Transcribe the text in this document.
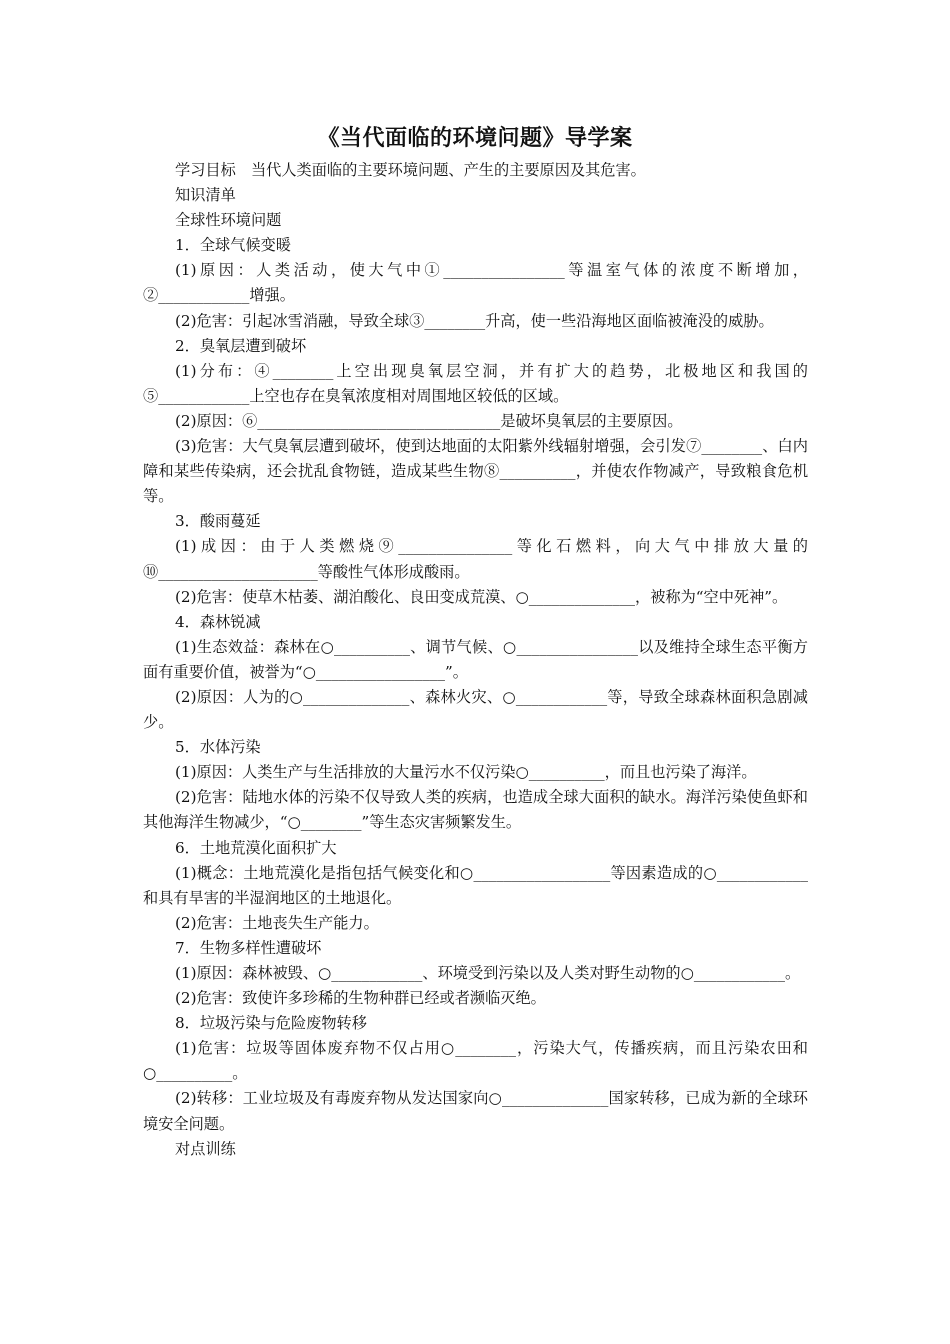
《当代面临的环境问题》导学案

学习目标　当代人类面临的主要环境问题、产生的主要原因及其危害。

知识清单

全球性环境问题

1．全球气候变暖

(1)原因：人类活动，使大气中①________________等温室气体的浓度不断增加，②____________增强。

(2)危害：引起冰雪消融，导致全球③________升高，使一些沿海地区面临被淹没的威胁。

2．臭氧层遭到破坏

(1)分布：④________上空出现臭氧层空洞，并有扩大的趋势，北极地区和我国的⑤____________上空也存在臭氧浓度相对周围地区较低的区域。

(2)原因：⑥________________________________是破坏臭氧层的主要原因。

(3)危害：大气臭氧层遭到破坏，使到达地面的太阳紫外线辐射增强，会引发⑦________、白内障和某些传染病，还会扰乱食物链，造成某些生物⑧__________，并使农作物减产，导致粮食危机等。

3．酸雨蔓延

(1)成因：由于人类燃烧⑨_______________等化石燃料，向大气中排放大量的⑩_____________________等酸性气体形成酸雨。

(2)危害：使草木枯萎、湖泊酸化、良田变成荒漠、○______________，被称为“空中死神”。

4．森林锐减

(1)生态效益：森林在○__________、调节气候、○________________以及维持全球生态平衡方面有重要价值，被誉为“○_________________”。

(2)原因：人为的○______________、森林火灾、○____________等，导致全球森林面积急剧减少。

5．水体污染

(1)原因：人类生产与生活排放的大量污水不仅污染○__________，而且也污染了海洋。

(2)危害：陆地水体的污染不仅导致人类的疾病，也造成全球大面积的缺水。海洋污染使鱼虾和其他海洋生物减少，“○________”等生态灾害频繁发生。

6．土地荒漠化面积扩大

(1)概念：土地荒漠化是指包括气候变化和○__________________等因素造成的○____________和具有旱害的半湿润地区的土地退化。

(2)危害：土地丧失生产能力。

7．生物多样性遭破坏

(1)原因：森林被毁、○____________、环境受到污染以及人类对野生动物的○____________。

(2)危害：致使许多珍稀的生物种群已经或者濒临灭绝。

8．垃圾污染与危险废物转移

(1)危害：垃圾等固体废弃物不仅占用○________，污染大气，传播疾病，而且污染农田和○__________。

(2)转移：工业垃圾及有毒废弃物从发达国家向○______________国家转移，已成为新的全球环境安全问题。

对点训练
